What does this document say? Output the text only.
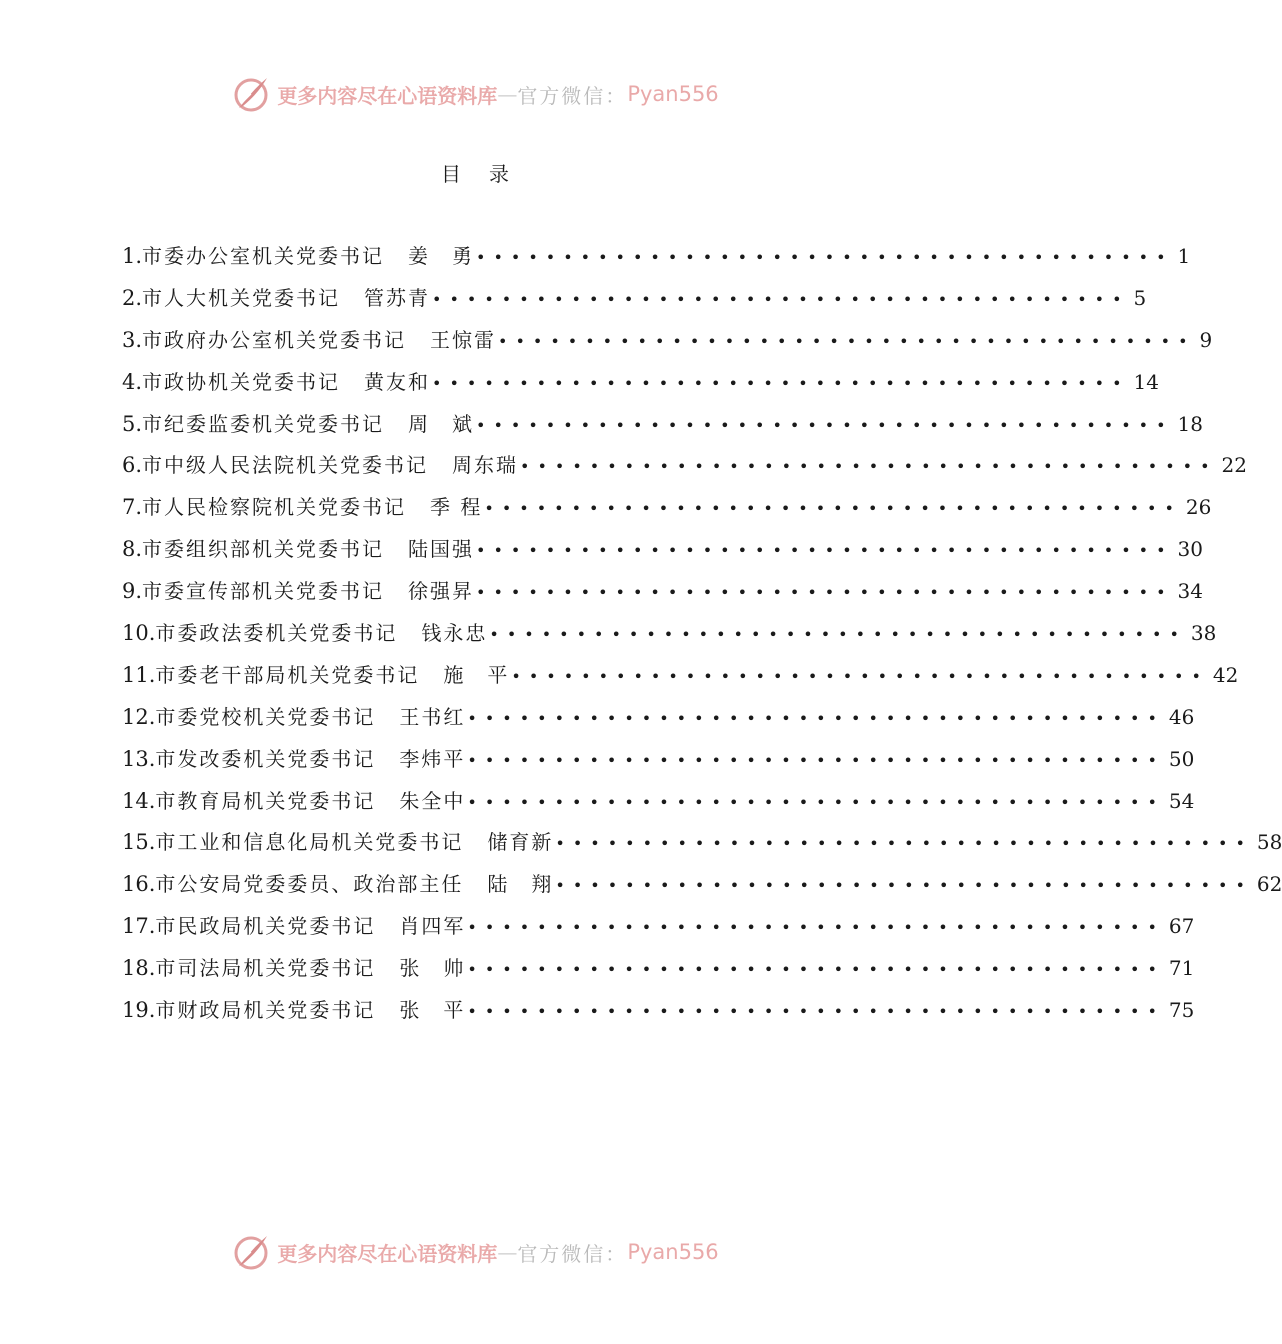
更多内容尽在心语资料库 — 官方微信： Pyan556
目录
1. 市委办公室机关党委书记 姜　勇 • • • • • • • • • • • • • • • • • • • • • • • • • • • • • • • • • • • • • • • •  1
2. 市人大机关党委书记 管苏青 • • • • • • • • • • • • • • • • • • • • • • • • • • • • • • • • • • • • • • • •  5
3. 市政府办公室机关党委书记 王惊雷 • • • • • • • • • • • • • • • • • • • • • • • • • • • • • • • • • • • • • • • •  9
4. 市政协机关党委书记 黄友和 • • • • • • • • • • • • • • • • • • • • • • • • • • • • • • • • • • • • • • • •  14
5. 市纪委监委机关党委书记 周　斌 • • • • • • • • • • • • • • • • • • • • • • • • • • • • • • • • • • • • • • • •  18
6. 市中级人民法院机关党委书记 周东瑞 • • • • • • • • • • • • • • • • • • • • • • • • • • • • • • • • • • • • • • • •  22
7. 市人民检察院机关党委书记 季 程 • • • • • • • • • • • • • • • • • • • • • • • • • • • • • • • • • • • • • • • •  26
8. 市委组织部机关党委书记 陆国强 • • • • • • • • • • • • • • • • • • • • • • • • • • • • • • • • • • • • • • • •  30
9. 市委宣传部机关党委书记 徐强昇 • • • • • • • • • • • • • • • • • • • • • • • • • • • • • • • • • • • • • • • •  34
10. 市委政法委机关党委书记 钱永忠 • • • • • • • • • • • • • • • • • • • • • • • • • • • • • • • • • • • • • • • •  38
11. 市委老干部局机关党委书记 施　平 • • • • • • • • • • • • • • • • • • • • • • • • • • • • • • • • • • • • • • • •  42
12. 市委党校机关党委书记 王书红 • • • • • • • • • • • • • • • • • • • • • • • • • • • • • • • • • • • • • • • •  46
13. 市发改委机关党委书记 李炜平 • • • • • • • • • • • • • • • • • • • • • • • • • • • • • • • • • • • • • • • •  50
14. 市教育局机关党委书记 朱全中 • • • • • • • • • • • • • • • • • • • • • • • • • • • • • • • • • • • • • • • •  54
15. 市工业和信息化局机关党委书记 储育新 • • • • • • • • • • • • • • • • • • • • • • • • • • • • • • • • • • • • • • • •  58
16. 市公安局党委委员、政治部主任 陆　翔 • • • • • • • • • • • • • • • • • • • • • • • • • • • • • • • • • • • • • • • •  62
17. 市民政局机关党委书记 肖四军 • • • • • • • • • • • • • • • • • • • • • • • • • • • • • • • • • • • • • • • •  67
18. 市司法局机关党委书记 张　帅 • • • • • • • • • • • • • • • • • • • • • • • • • • • • • • • • • • • • • • • •  71
19. 市财政局机关党委书记 张　平 • • • • • • • • • • • • • • • • • • • • • • • • • • • • • • • • • • • • • • • •  75
更多内容尽在心语资料库 — 官方微信： Pyan556
